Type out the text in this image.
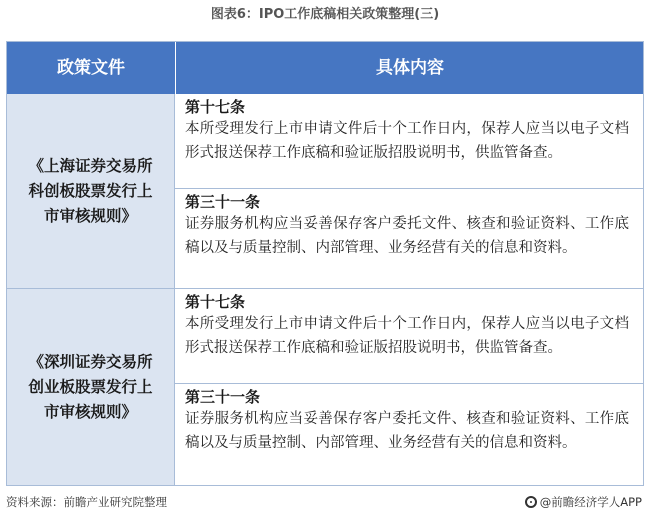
图表6：IPO工作底稿相关政策整理(三)
政策文件	具体内容
《上海证券交易所科创板股票发行上市审核规则》
第十七条
本所受理发行上市申请文件后十个工作日内，保荐人应当以电子文档形式报送保荐工作底稿和验证版招股说明书，供监管备查。
第三十一条
证券服务机构应当妥善保存客户委托文件、核查和验证资料、工作底稿以及与质量控制、内部管理、业务经营有关的信息和资料。
《深圳证券交易所创业板股票发行上市审核规则》
第十七条
本所受理发行上市申请文件后十个工作日内，保荐人应当以电子文档形式报送保荐工作底稿和验证版招股说明书，供监管备查。
第三十一条
证券服务机构应当妥善保存客户委托文件、核查和验证资料、工作底稿以及与质量控制、内部管理、业务经营有关的信息和资料。
资料来源：前瞻产业研究院整理	@前瞻经济学人APP
